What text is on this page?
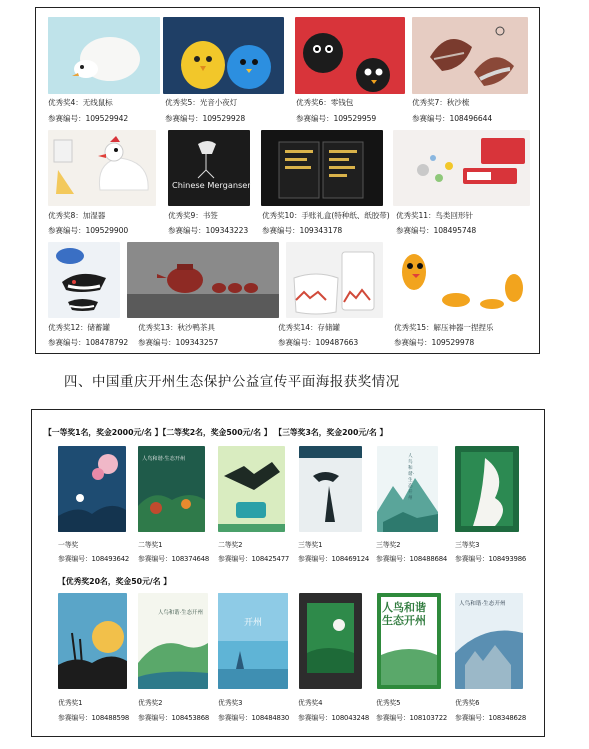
优秀奖4：无线鼠标
参赛编号：109529942
优秀奖5：光音小夜灯
参赛编号：109529928
优秀奖6：零钱包
参赛编号：109529959
优秀奖7：秋沙梳
参赛编号：108496644
Chinese Merganser
优秀奖8：加湿器
参赛编号：109529900
优秀奖9：书签
参赛编号：109343223
优秀奖10：手账礼盒(特种纸、纸胶带)
参赛编号：109343178
优秀奖11：鸟类回形针
参赛编号：108495748
优秀奖12：储蓄罐
参赛编号：108478792
优秀奖13：秋沙鸭茶具
参赛编号：109343257
优秀奖14：存储罐
参赛编号：109487663
优秀奖15：解压神器一捏捏乐
参赛编号：109529978
四、中国重庆开州生态保护公益宣传平面海报获奖情况
【一等奖1名，奖金2000元/名 】【二等奖2名，奖金500元/名 】 【三等奖3名，奖金200元/名 】
人鸟和谐·生态开州	人鸟和谐·生态开州
一等奖
参赛编号：108493642
二等奖1
参赛编号：108374648
二等奖2
参赛编号：108425477
三等奖1
参赛编号：108469124
三等奖2
参赛编号：108488684
三等奖3
参赛编号：108493986
【优秀奖20名，奖金50元/名 】
人鸟和谐·生态开州
开州
人鸟和谐
生态开州
人鸟和谐·生态开州
优秀奖1
参赛编号：108488598
优秀奖2
参赛编号：108453868
优秀奖3
参赛编号：108484830
优秀奖4
参赛编号：108043248
优秀奖5
参赛编号：108103722
优秀奖6
参赛编号：108348628
